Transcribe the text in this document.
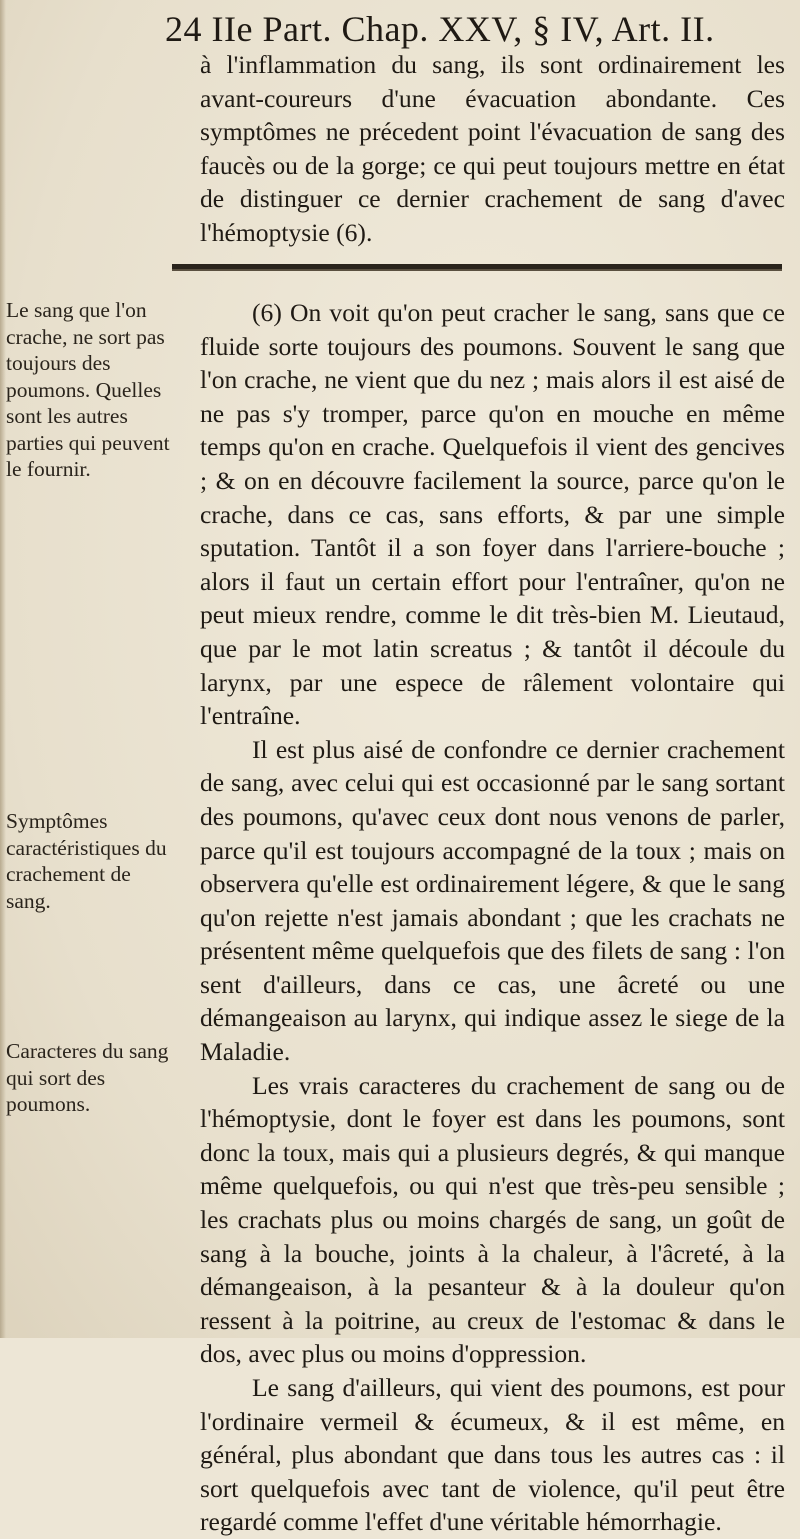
24 IIe Part. Chap. XXV, § IV, Art. II.

à l'inflammation du sang, ils sont ordinairement les avant-coureurs d'une évacuation abondante. Ces symptômes ne précedent point l'évacuation de sang des faucès ou de la gorge; ce qui peut toujours mettre en état de distinguer ce dernier crachement de sang d'avec l'hémoptysie (6).

Le sang que l'on crache, ne sort pas toujours des poumons. Quelles sont les autres parties qui peuvent le fournir.
Symptômes caractéristiques du crachement de sang.
Caracteres du sang qui sort des poumons.

(6) On voit qu'on peut cracher le sang, sans que ce fluide sorte toujours des poumons. Souvent le sang que l'on crache, ne vient que du nez ; mais alors il est aisé de ne pas s'y tromper, parce qu'on en mouche en même temps qu'on en crache. Quelquefois il vient des gencives ; & on en découvre facilement la source, parce qu'on le crache, dans ce cas, sans efforts, & par une simple sputation. Tantôt il a son foyer dans l'arriere-bouche ; alors il faut un certain effort pour l'entraîner, qu'on ne peut mieux rendre, comme le dit très-bien M. Lieutaud, que par le mot latin screatus ; & tantôt il découle du larynx, par une espece de râlement volontaire qui l'entraîne.

Il est plus aisé de confondre ce dernier crachement de sang, avec celui qui est occasionné par le sang sortant des poumons, qu'avec ceux dont nous venons de parler, parce qu'il est toujours accompagné de la toux ; mais on observera qu'elle est ordinairement légere, & que le sang qu'on rejette n'est jamais abondant ; que les crachats ne présentent même quelquefois que des filets de sang : l'on sent d'ailleurs, dans ce cas, une âcreté ou une démangeaison au larynx, qui indique assez le siege de la Maladie.

Les vrais caracteres du crachement de sang ou de l'hémoptysie, dont le foyer est dans les poumons, sont donc la toux, mais qui a plusieurs degrés, & qui manque même quelquefois, ou qui n'est que très-peu sensible ; les crachats plus ou moins chargés de sang, un goût de sang à la bouche, joints à la chaleur, à l'âcreté, à la démangeaison, à la pesanteur & à la douleur qu'on ressent à la poitrine, au creux de l'estomac & dans le dos, avec plus ou moins d'oppression.

Le sang d'ailleurs, qui vient des poumons, est pour l'ordinaire vermeil & écumeux, & il est même, en général, plus abondant que dans tous les autres cas : il sort quelquefois avec tant de violence, qu'il peut être regardé comme l'effet d'une véritable hémorrhagie.
